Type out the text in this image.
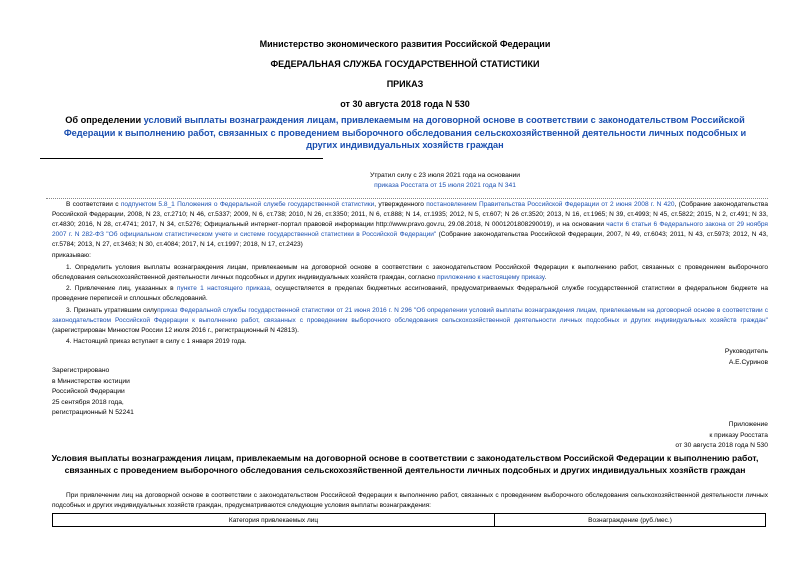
Министерство экономического развития Российской Федерации
ФЕДЕРАЛЬНАЯ СЛУЖБА ГОСУДАРСТВЕННОЙ СТАТИСТИКИ
ПРИКАЗ
от 30 августа 2018 года N 530
Об определении условий выплаты вознаграждения лицам, привлекаемым на договорной основе в соответствии с законодательством Российской Федерации к выполнению работ, связанных с проведением выборочного обследования сельскохозяйственной деятельности личных подсобных и других индивидуальных хозяйств граждан
Утратил силу с 23 июля 2021 года на основании
приказа Росстата от 15 июля 2021 года N 341
В соответствии с подпунктом 5.8_1 Положения о Федеральной службе государственной статистики, утвержденного постановлением Правительства Российской Федерации от 2 июня 2008 г. N 420, (Собрание законодательства Российской Федерации, 2008, N 23, ст.2710; N 46, ст.5337; 2009, N 6, ст.738; 2010, N 26, ст.3350; 2011, N 6, ст.888; N 14, ст.1935; 2012, N 5, ст.607; N 26 ст.3520; 2013, N 16, ст.1965; N 39, ст.4993; N 45, ст.5822; 2015, N 2, ст.491; N 33, ст.4830; 2016, N 28, ст.4741; 2017, N 34, ст.5276; Официальный интернет-портал правовой информации http://www.pravo.gov.ru, 29.08.2018, N 0001201808290019), и на основании части 6 статьи 6 Федерального закона от 29 ноября 2007 г. N 282-ФЗ "Об официальном статистическом учете и системе государственной статистики в Российской Федерации" (Собрание законодательства Российской Федерации, 2007, N 49, ст.6043; 2011, N 43, ст.5973; 2012, N 43, ст.5784; 2013, N 27, ст.3463; N 30, ст.4084; 2017, N 14, ст.1997; 2018, N 17, ст.2423)
приказываю:
1. Определить условия выплаты вознаграждения лицам, привлекаемым на договорной основе в соответствии с законодательством Российской Федерации к выполнению работ, связанных с проведением выборочного обследования сельскохозяйственной деятельности личных подсобных и других индивидуальных хозяйств граждан, согласно приложению к настоящему приказу.
2. Привлечение лиц, указанных в пункте 1 настоящего приказа, осуществляется в пределах бюджетных ассигнований, предусматриваемых Федеральной службе государственной статистики в федеральном бюджете на проведение переписей и сплошных обследований.
3. Признать утратившим силуприказ Федеральной службы государственной статистики от 21 июня 2016 г. N 296 "Об определении условий выплаты вознаграждения лицам, привлекаемым на договорной основе в соответствии с законодательством Российской Федерации к выполнению работ, связанных с проведением выборочного обследования сельскохозяйственной деятельности личных подсобных и других индивидуальных хозяйств граждан" (зарегистрирован Минюстом России 12 июля 2016 г., регистрационный N 42813).
4. Настоящий приказ вступает в силу с 1 января 2019 года.
Руководитель
А.Е.Суринов
Зарегистрировано
в Министерстве юстиции
Российской Федерации
25 сентября 2018 года,
регистрационный N 52241
Приложение
к приказу Росстата
от 30 августа 2018 года N 530
Условия выплаты вознаграждения лицам, привлекаемым на договорной основе в соответствии с законодательством Российской Федерации к выполнению работ, связанных с проведением выборочного обследования сельскохозяйственной деятельности личных подсобных и других индивидуальных хозяйств граждан
При привлечении лиц на договорной основе в соответствии с законодательством Российской Федерации к выполнению работ, связанных с проведением выборочного обследования сельскохозяйственной деятельности личных подсобных и других индивидуальных хозяйств граждан, предусматриваются следующие условия выплаты вознаграждения:
Категория привлекаемых лиц	Вознаграждение (руб./мес.)
